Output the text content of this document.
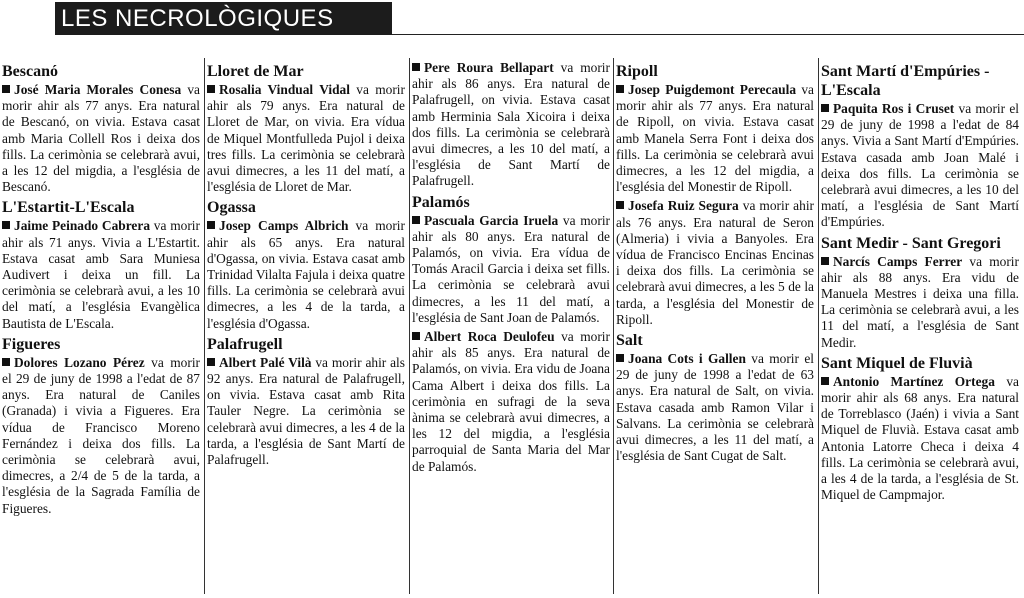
LES NECROLÒGIQUES
Bescanó
José Maria Morales Conesa va morir ahir als 77 anys. Era natural de Bescanó, on vivia. Estava casat amb Maria Collell Ros i deixa dos fills. La cerimònia se celebrarà avui, a les 12 del migdia, a l'església de Bescanó.
L'Estartit-L'Escala
Jaime Peinado Cabrera va morir ahir als 71 anys. Vivia a L'Estartit. Estava casat amb Sara Muniesa Audivert i deixa un fill. La cerimònia se celebrarà avui, a les 10 del matí, a l'església Evangèlica Bautista de L'Escala.
Figueres
Dolores Lozano Pérez va morir el 29 de juny de 1998 a l'edat de 87 anys. Era natural de Caniles (Granada) i vivia a Figueres. Era vídua de Francisco Moreno Fernández i deixa dos fills. La cerimònia se celebrarà avui, dimecres, a 2/4 de 5 de la tarda, a l'església de la Sagrada Família de Figueres.
Lloret de Mar
Rosalia Vindual Vidal va morir ahir als 79 anys. Era natural de Lloret de Mar, on vivia. Era vídua de Miquel Montfulleda Pujol i deixa tres fills. La cerimònia se celebrarà avui dimecres, a les 11 del matí, a l'església de Lloret de Mar.
Ogassa
Josep Camps Albrich va morir ahir als 65 anys. Era natural d'Ogassa, on vivia. Estava casat amb Trinidad Vilalta Fajula i deixa quatre fills. La cerimònia se celebrarà avui dimecres, a les 4 de la tarda, a l'església d'Ogassa.
Palafrugell
Albert Palé Vilà va morir ahir als 92 anys. Era natural de Palafrugell, on vivia. Estava casat amb Rita Tauler Negre. La cerimònia se celebrarà avui dimecres, a les 4 de la tarda, a l'església de Sant Martí de Palafrugell.
Pere Roura Bellapart va morir ahir als 86 anys. Era natural de Palafrugell, on vivia. Estava casat amb Herminia Sala Xicoira i deixa dos fills. La cerimònia se celebrarà avui dimecres, a les 10 del matí, a l'església de Sant Martí de Palafrugell.
Palamós
Pascuala Garcia Iruela va morir ahir als 80 anys. Era natural de Palamós, on vivia. Era vídua de Tomás Aracil Garcia i deixa set fills. La cerimònia se celebrarà avui dimecres, a les 11 del matí, a l'església de Sant Joan de Palamós.
Albert Roca Deulofeu va morir ahir als 85 anys. Era natural de Palamós, on vivia. Era vidu de Joana Cama Albert i deixa dos fills. La cerimònia en sufragi de la seva ànima se celebrarà avui dimecres, a les 12 del migdia, a l'església parroquial de Santa Maria del Mar de Palamós.
Ripoll
Josep Puigdemont Perecaula va morir ahir als 77 anys. Era natural de Ripoll, on vivia. Estava casat amb Manela Serra Font i deixa dos fills. La cerimònia se celebrarà avui dimecres, a les 12 del migdia, a l'església del Monestir de Ripoll.
Josefa Ruiz Segura va morir ahir als 76 anys. Era natural de Seron (Almeria) i vivia a Banyoles. Era vídua de Francisco Encinas Encinas i deixa dos fills. La cerimònia se celebrarà avui dimecres, a les 5 de la tarda, a l'església del Monestir de Ripoll.
Salt
Joana Cots i Gallen va morir el 29 de juny de 1998 a l'edat de 63 anys. Era natural de Salt, on vivia. Estava casada amb Ramon Vilar i Salvans. La cerimònia se celebrarà avui dimecres, a les 11 del matí, a l'església de Sant Cugat de Salt.
Sant Martí d'Empúries - L'Escala
Paquita Ros i Cruset va morir el 29 de juny de 1998 a l'edat de 84 anys. Vivia a Sant Martí d'Empúries. Estava casada amb Joan Malé i deixa dos fills. La cerimònia se celebrarà avui dimecres, a les 10 del matí, a l'església de Sant Martí d'Empúries.
Sant Medir - Sant Gregori
Narcís Camps Ferrer va morir ahir als 88 anys. Era vidu de Manuela Mestres i deixa una filla. La cerimònia se celebrarà avui, a les 11 del matí, a l'església de Sant Medir.
Sant Miquel de Fluvià
Antonio Martínez Ortega va morir ahir als 68 anys. Era natural de Torreblasco (Jaén) i vivia a Sant Miquel de Fluvià. Estava casat amb Antonia Latorre Checa i deixa 4 fills. La cerimònia se celebrarà avui, a les 4 de la tarda, a l'església de St. Miquel de Campmajor.
